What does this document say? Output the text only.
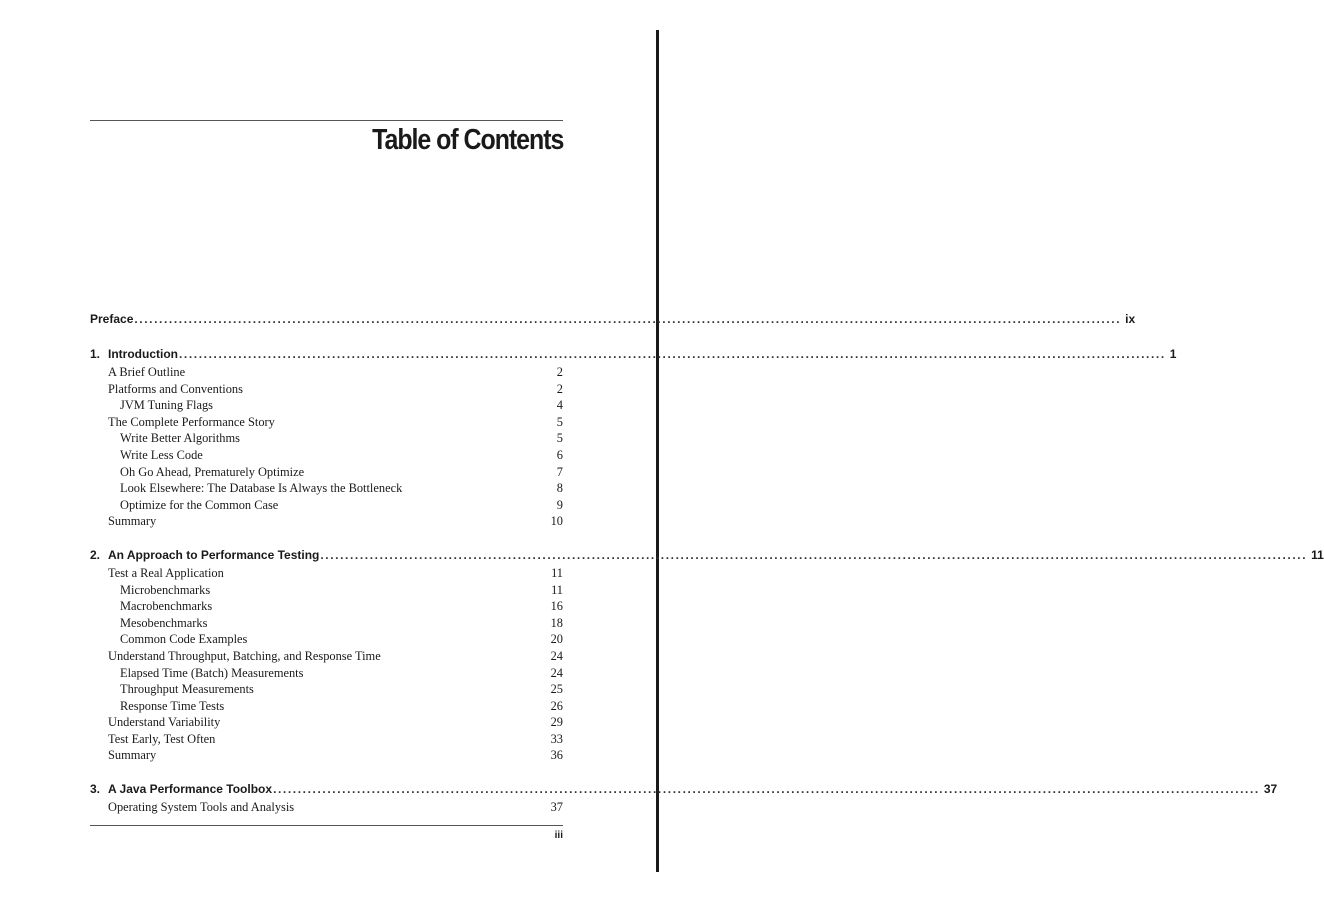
Table of Contents
Preface ........................................................................................................................................................................................................ ix
1. Introduction ........................................................................................................................................................................................................ 1
A Brief Outline	2
Platforms and Conventions	2
JVM Tuning Flags	4
The Complete Performance Story	5
Write Better Algorithms	5
Write Less Code	6
Oh Go Ahead, Prematurely Optimize	7
Look Elsewhere: The Database Is Always the Bottleneck	8
Optimize for the Common Case	9
Summary	10
2. An Approach to Performance Testing ........................................................................................................................................................................................................ 11
Test a Real Application	11
Microbenchmarks	11
Macrobenchmarks	16
Mesobenchmarks	18
Common Code Examples	20
Understand Throughput, Batching, and Response Time	24
Elapsed Time (Batch) Measurements	24
Throughput Measurements	25
Response Time Tests	26
Understand Variability	29
Test Early, Test Often	33
Summary	36
3. A Java Performance Toolbox ........................................................................................................................................................................................................ 37
Operating System Tools and Analysis	37
iii
